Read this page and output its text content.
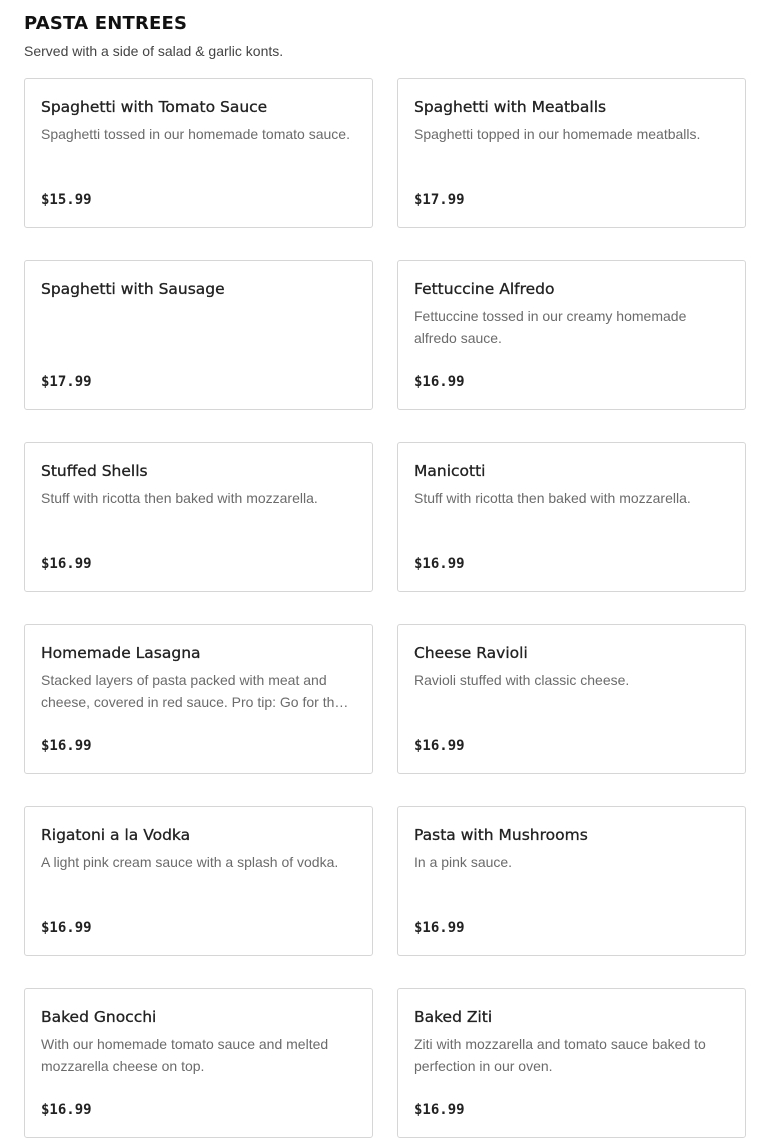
PASTA ENTREES

Served with a side of salad & garlic konts.

Spaghetti with Tomato Sauce

Spaghetti tossed in our homemade tomato sauce.

$15.99
Spaghetti with Meatballs

Spaghetti topped in our homemade meatballs.

$17.99
Spaghetti with Sausage

$17.99
Fettuccine Alfredo

Fettuccine tossed in our creamy homemade alfredo sauce.

$16.99
Stuffed Shells

Stuff with ricotta then baked with mozzarella.

$16.99
Manicotti

Stuff with ricotta then baked with mozzarella.

$16.99
Homemade Lasagna

Stacked layers of pasta packed with meat and cheese, covered in red sauce. Pro tip: Go for th…

$16.99
Cheese Ravioli

Ravioli stuffed with classic cheese.

$16.99
Rigatoni a la Vodka

A light pink cream sauce with a splash of vodka.

$16.99
Pasta with Mushrooms

In a pink sauce.

$16.99
Baked Gnocchi

With our homemade tomato sauce and melted mozzarella cheese on top.

$16.99
Baked Ziti

Ziti with mozzarella and tomato sauce baked to perfection in our oven.

$16.99
